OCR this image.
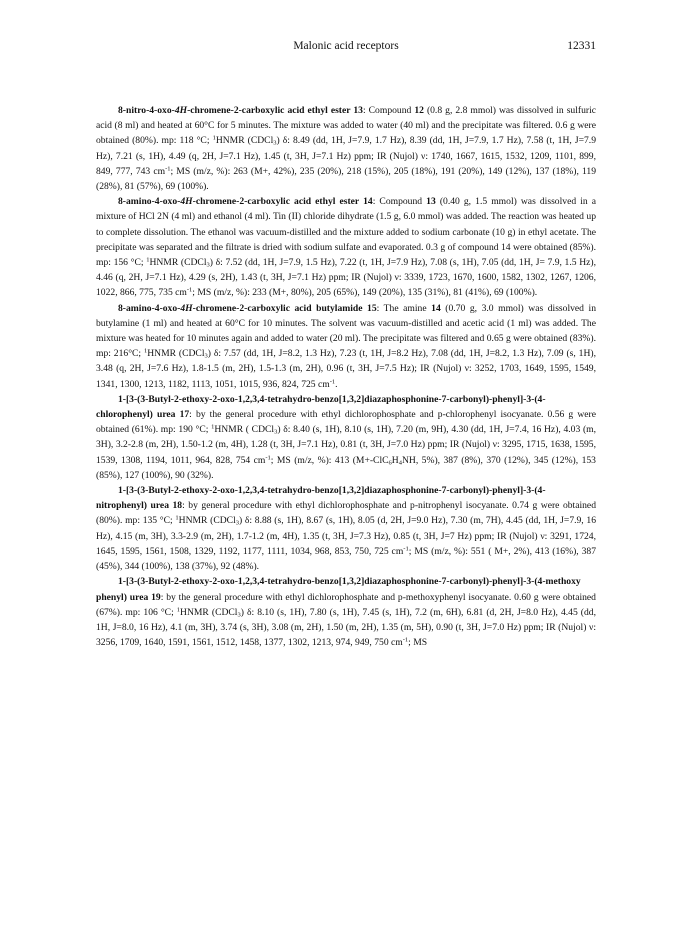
Malonic acid receptors	12331

8-nitro-4-oxo-4H-chromene-2-carboxylic acid ethyl ester 13: Compound 12 (0.8 g, 2.8 mmol) was dissolved in sulfuric acid (8 ml) and heated at 60°C for 5 minutes. The mixture was added to water (40 ml) and the precipitate was filtered. 0.6 g were obtained (80%). mp: 118 °C; $^1$HNMR (CDCl$_3$) δ: 8.49 (dd, 1H, J=7.9, 1.7 Hz), 8.39 (dd, 1H, J=7.9, 1.7 Hz), 7.58 (t, 1H, J=7.9 Hz), 7.21 (s, 1H), 4.49 (q, 2H, J=7.1 Hz), 1.45 (t, 3H, J=7.1 Hz) ppm; IR (Nujol) ν: 1740, 1667, 1615, 1532, 1209, 1101, 899, 849, 777, 743 $cm^{-1}$; MS (m/z, %): 263 (M+, 42%), 235 (20%), 218 (15%), 205 (18%), 191 (20%), 149 (12%), 137 (18%), 119 (28%), 81 (57%), 69 (100%).

8-amino-4-oxo-4H-chromene-2-carboxylic acid ethyl ester 14: Compound 13 (0.40 g, 1.5 mmol) was dissolved in a mixture of HCl 2N (4 ml) and ethanol (4 ml). Tin (II) chloride dihydrate (1.5 g, 6.0 mmol) was added. The reaction was heated up to complete dissolution. The ethanol was vacuum-distilled and the mixture added to sodium carbonate (10 g) in ethyl acetate. The precipitate was separated and the filtrate is dried with sodium sulfate and evaporated. 0.3 g of compound 14 were obtained (85%). mp: 156 °C; $^1$HNMR (CDCl$_3$) δ: 7.52 (dd, 1H, J=7.9, 1.5 Hz), 7.22 (t, 1H, J=7.9 Hz), 7.08 (s, 1H), 7.05 (dd, 1H, J= 7.9, 1.5 Hz), 4.46 (q, 2H, J=7.1 Hz), 4.29 (s, 2H), 1.43 (t, 3H, J=7.1 Hz) ppm; IR (Nujol) ν: 3339, 1723, 1670, 1600, 1582, 1302, 1267, 1206, 1022, 866, 775, 735 $cm^{-1}$; MS (m/z, %): 233 (M+, 80%), 205 (65%), 149 (20%), 135 (31%), 81 (41%), 69 (100%).

8-amino-4-oxo-4H-chromene-2-carboxylic acid butylamide 15: The amine 14 (0.70 g, 3.0 mmol) was dissolved in butylamine (1 ml) and heated at 60°C for 10 minutes. The solvent was vacuum-distilled and acetic acid (1 ml) was added. The mixture was heated for 10 minutes again and added to water (20 ml). The precipitate was filtered and 0.65 g were obtained (83%). mp: 216°C; $^1$HNMR (CDCl$_3$) δ: 7.57 (dd, 1H, J=8.2, 1.3 Hz), 7.23 (t, 1H, J=8.2 Hz), 7.08 (dd, 1H, J=8.2, 1.3 Hz), 7.09 (s, 1H), 3.48 (q, 2H, J=7.6 Hz), 1.8-1.5 (m, 2H), 1.5-1.3 (m, 2H), 0.96 (t, 3H, J=7.5 Hz); IR (Nujol) ν: 3252, 1703, 1649, 1595, 1549, 1341, 1300, 1213, 1182, 1113, 1051, 1015, 936, 824, 725 $cm^{-1}$.

1-[3-(3-Butyl-2-ethoxy-2-oxo-1,2,3,4-tetrahydro-benzo[1,3,2]diazaphosphonine-7-carbonyl)-phenyl]-3-(4-chlorophenyl) urea 17: by the general procedure with ethyl dichlorophosphate and p-chlorophenyl isocyanate. 0.56 g were obtained (61%). mp: 190 °C; $^1$HNMR ( CDCl$_3$) δ: 8.40 (s, 1H), 8.10 (s, 1H), 7.20 (m, 9H), 4.30 (dd, 1H, J=7.4, 16 Hz), 4.03 (m, 3H), 3.2-2.8 (m, 2H), 1.50-1.2 (m, 4H), 1.28 (t, 3H, J=7.1 Hz), 0.81 (t, 3H, J=7.0 Hz) ppm; IR (Nujol) ν: 3295, 1715, 1638, 1595, 1539, 1308, 1194, 1011, 964, 828, 754 $cm^{-1}$; MS (m/z, %): 413 ($M+-ClC_6H_4NH$, 5%), 387 (8%), 370 (12%), 345 (12%), 153 (85%), 127 (100%), 90 (32%).

1-[3-(3-Butyl-2-ethoxy-2-oxo-1,2,3,4-tetrahydro-benzo[1,3,2]diazaphosphonine-7-carbonyl)-phenyl]-3-(4-nitrophenyl) urea 18: by general procedure with ethyl dichlorophosphate and p-nitrophenyl isocyanate. 0.74 g were obtained (80%). mp: 135 °C; $^1$HNMR (CDCl$_3$) δ: 8.88 (s, 1H), 8.67 (s, 1H), 8.05 (d, 2H, J=9.0 Hz), 7.30 (m, 7H), 4.45 (dd, 1H, J=7.9, 16 Hz), 4.15 (m, 3H), 3.3-2.9 (m, 2H), 1.7-1.2 (m, 4H), 1.35 (t, 3H, J=7.3 Hz), 0.85 (t, 3H, J=7 Hz) ppm; IR (Nujol) ν: 3291, 1724, 1645, 1595, 1561, 1508, 1329, 1192, 1177, 1111, 1034, 968, 853, 750, 725 $cm^{-1}$; MS (m/z, %): 551 ( M+, 2%), 413 (16%), 387 (45%), 344 (100%), 138 (37%), 92 (48%).

1-[3-(3-Butyl-2-ethoxy-2-oxo-1,2,3,4-tetrahydro-benzo[1,3,2]diazaphosphonine-7-carbonyl)-phenyl]-3-(4-methoxy phenyl) urea 19: by the general procedure with ethyl dichlorophosphate and p-methoxyphenyl isocyanate. 0.60 g were obtained (67%). mp: 106 °C; $^1$HNMR (CDCl$_3$) δ: 8.10 (s, 1H), 7.80 (s, 1H), 7.45 (s, 1H), 7.2 (m, 6H), 6.81 (d, 2H, J=8.0 Hz), 4.45 (dd, 1H, J=8.0, 16 Hz), 4.1 (m, 3H), 3.74 (s, 3H), 3.08 (m, 2H), 1.50 (m, 2H), 1.35 (m, 5H), 0.90 (t, 3H, J=7.0 Hz) ppm; IR (Nujol) ν: 3256, 1709, 1640, 1591, 1561, 1512, 1458, 1377, 1302, 1213, 974, 949, 750 $cm^{-1}$; MS
